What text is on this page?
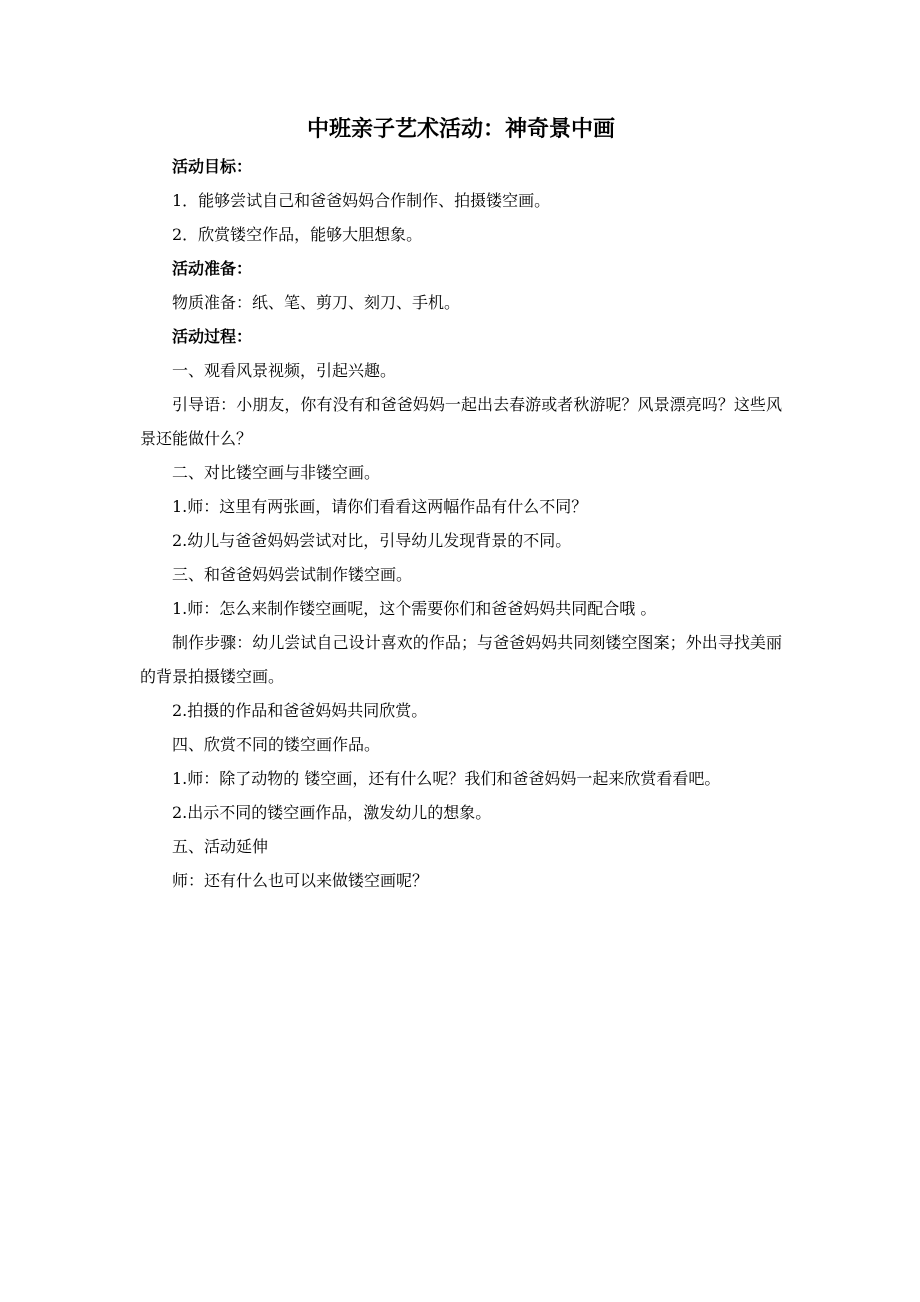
中班亲子艺术活动：神奇景中画

活动目标：

1．能够尝试自己和爸爸妈妈合作制作、拍摄镂空画。

2．欣赏镂空作品，能够大胆想象。

活动准备：

物质准备：纸、笔、剪刀、刻刀、手机。

活动过程：

一、观看风景视频，引起兴趣。

引导语：小朋友，你有没有和爸爸妈妈一起出去春游或者秋游呢？风景漂亮吗？这些风景还能做什么？

二、对比镂空画与非镂空画。

1.师：这里有两张画，请你们看看这两幅作品有什么不同？

2.幼儿与爸爸妈妈尝试对比，引导幼儿发现背景的不同。

三、和爸爸妈妈尝试制作镂空画。

1.师：怎么来制作镂空画呢，这个需要你们和爸爸妈妈共同配合哦 。

制作步骤：幼儿尝试自己设计喜欢的作品；与爸爸妈妈共同刻镂空图案；外出寻找美丽的背景拍摄镂空画。

2.拍摄的作品和爸爸妈妈共同欣赏。

四、欣赏不同的镂空画作品。

1.师：除了动物的 镂空画，还有什么呢？我们和爸爸妈妈一起来欣赏看看吧。

2.出示不同的镂空画作品，激发幼儿的想象。

五、活动延伸

师：还有什么也可以来做镂空画呢？
